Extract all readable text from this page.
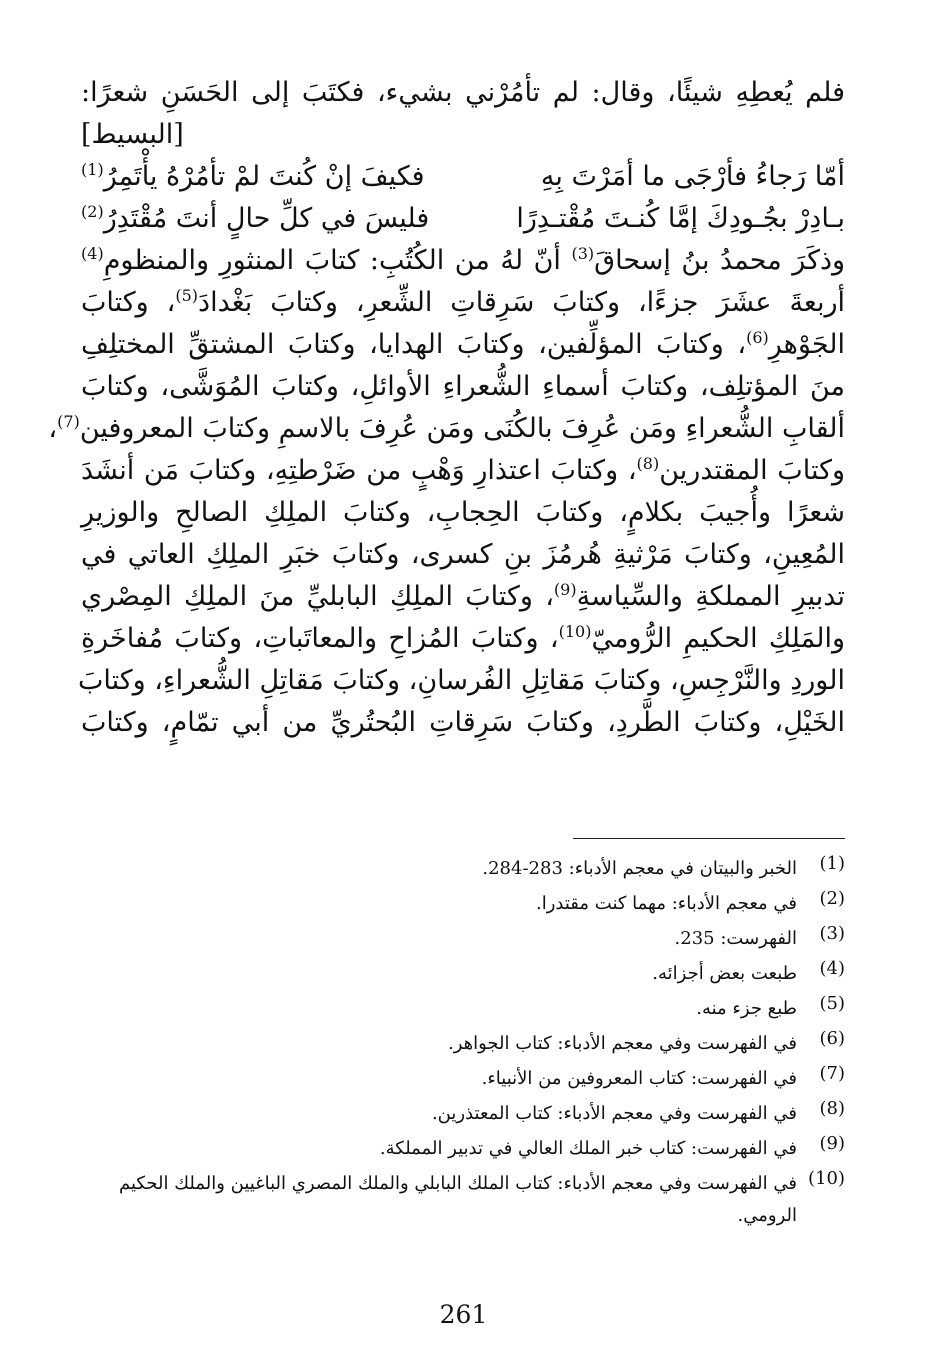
فلم يُعطِهِ شيئًا، وقال: لم تأمُرْني بشيء، فكتَبَ إلى الحَسَنِ شعرًا:
[البسيط]
أمّا رَجاءُ فأرْجَى ما أمَرْتَ بِهِ
فكيفَ إنْ كُنتَ لمْ تأمُرْهُ يأْتَمِرُ(1)
بـادِرْ بجُـودِكَ إمَّا كُنـتَ مُقْتـدِرًا
فليسَ في كلِّ حالٍ أنتَ مُقْتَدِرُ(2)
وذكَرَ محمدُ بنُ إسحاقَ$^{(3)}$ أنّ لهُ من الكُتُبِ: كتابَ المنثورِ والمنظومِ$^{(4)}$
أربعةَ عشَرَ جزءًا، وكتابَ سَرِقاتِ الشِّعرِ، وكتابَ بَغْدادَ$^{(5)}$، وكتابَ
الجَوْهرِ$^{(6)}$، وكتابَ المؤلِّفين، وكتابَ الهدايا، وكتابَ المشتقِّ المختلِفِ
منَ المؤتلِف، وكتابَ أسماءِ الشُّعراءِ الأوائلِ، وكتابَ المُوَشَّى، وكتابَ
ألقابِ الشُّعراءِ ومَن عُرِفَ بالكُنَى ومَن عُرِفَ بالاسمِ وكتابَ المعروفين$^{(7)}$،
وكتابَ المقتدرين$^{(8)}$، وكتابَ اعتذارِ وَهْبٍ من ضَرْطتِهِ، وكتابَ مَن أنشَدَ
شعرًا وأُجيبَ بكلامٍ، وكتابَ الحِجابِ، وكتابَ الملِكِ الصالحِ والوزيرِ
المُعِينِ، وكتابَ مَرْثيةِ هُرمُزَ بنِ كسرى، وكتابَ خبَرِ الملِكِ العاتي في
تدبيرِ المملكةِ والسِّياسةِ$^{(9)}$، وكتابَ الملِكِ البابليِّ منَ الملِكِ المِصْري
والمَلِكِ الحكيمِ الرُّوميّ$^{(10)}$، وكتابَ المُزاحِ والمعاتَباتِ، وكتابَ مُفاخَرةِ
الوردِ والنَّرْجِسِ، وكتابَ مَقاتِلِ الفُرسانِ، وكتابَ مَقاتِلِ الشُّعراءِ، وكتابَ
الخَيْلِ، وكتابَ الطَّردِ، وكتابَ سَرِقاتِ البُحتُريِّ من أبي تمّامٍ، وكتابَ
(1)
الخبر والبيتان في معجم الأدباء: 283-284.
(2)
في معجم الأدباء: مهما كنت مقتدرا.
(3)
الفهرست: 235.
(4)
طبعت بعض أجزائه.
(5)
طبع جزء منه.
(6)
في الفهرست وفي معجم الأدباء: كتاب الجواهر.
(7)
في الفهرست: كتاب المعروفين من الأنبياء.
(8)
في الفهرست وفي معجم الأدباء: كتاب المعتذرين.
(9)
في الفهرست: كتاب خبر الملك العالي في تدبير المملكة.
(10)
في الفهرست وفي معجم الأدباء: كتاب الملك البابلي والملك المصري الباغيين والملك الحكيم الرومي.
261
